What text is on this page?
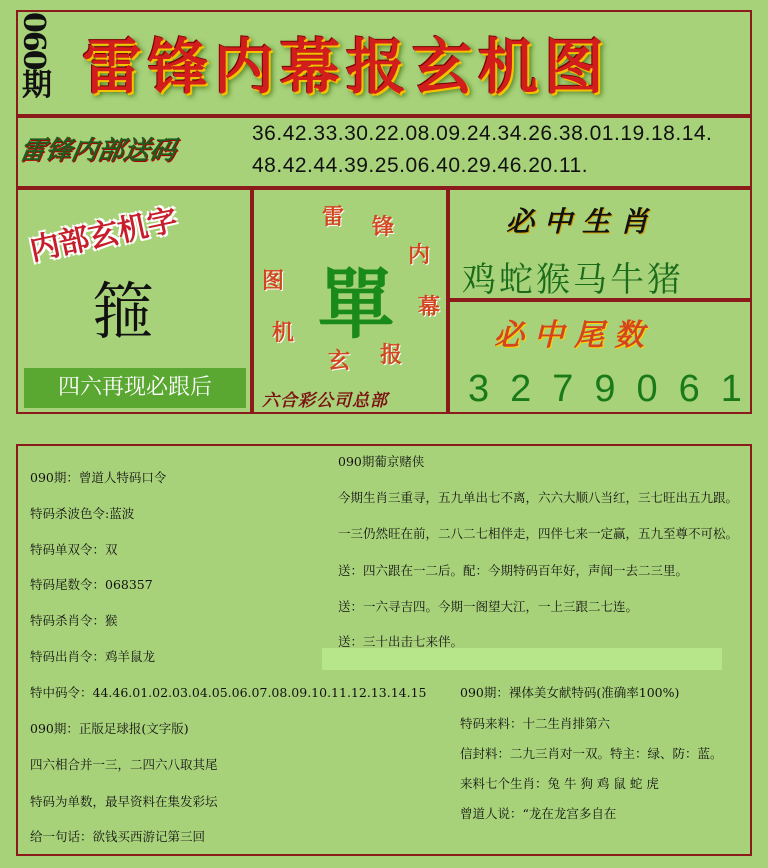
090
期 雷锋内幕报玄机图
雷锋内部送码
36.42.33.30.22.08.09.24.34.26.38.01.19.18.14.
48.42.44.39.25.06.40.29.46.20.11.
内部玄机字
箍
四六再现必跟后
單
雷 锋
内
幕
报
玄
机
图
六合彩公司总部
必中生肖
鸡蛇猴马牛猪
必中尾数
3279061
090期：曾道人特码口令
特码杀波色令:蓝波
特码单双令：双
特码尾数令：068357
特码杀肖令：猴
特码出肖令：鸡羊鼠龙
特中码令：44.46.01.02.03.04.05.06.07.08.09.10.11.12.13.14.15
090期：正版足球报(文字版)
四六相合并一三，二四六八取其尾
特码为单数，最早资料在集发彩坛
给一句话：欲钱买西游记第三回
090期葡京赌侠
今期生肖三重寻，五九单出七不离，六六大顺八当红，三七旺出五九跟。
一三仍然旺在前，二八二七相伴走，四伴七来一定赢，五九至尊不可松。
送：四六跟在一二后。配：今期特码百年好，声闻一去二三里。
送：一六寻吉四。今期一阁望大江，一上三跟二七连。
送：三十出击七来伴。
090期：裸体美女献特码(准确率100%)
特码来料：十二生肖排第六
信封料：二九三肖对一双。特主：绿、防：蓝。
来料七个生肖：兔 牛 狗 鸡 鼠 蛇 虎
曾道人说：“龙在龙宫多自在
